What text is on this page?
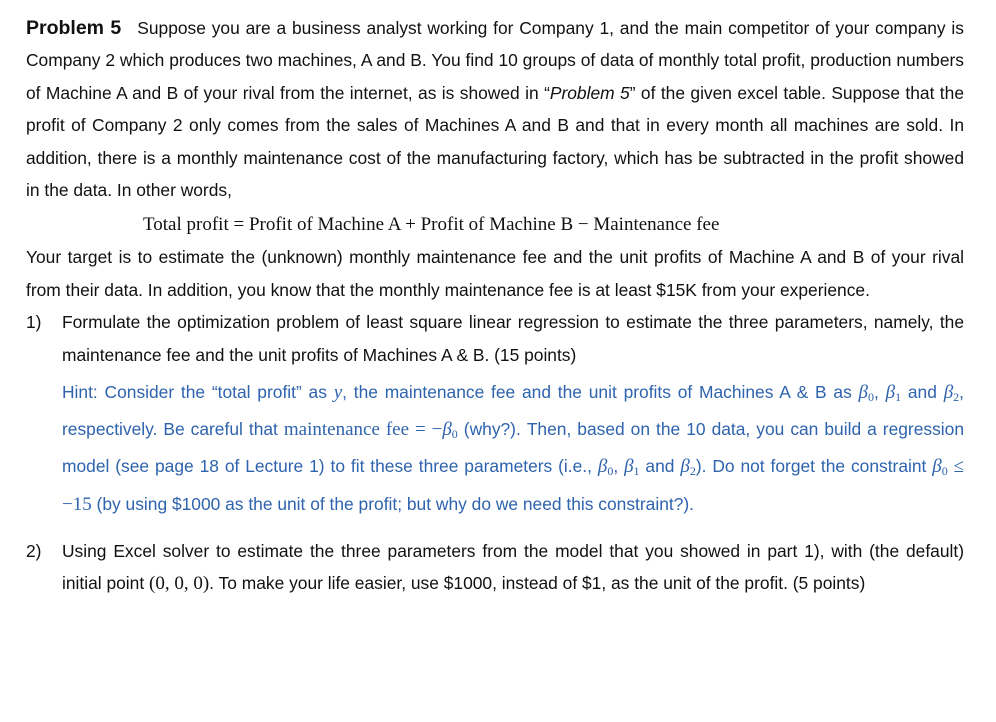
Problem 5 Suppose you are a business analyst working for Company 1, and the main competitor of your company is Company 2 which produces two machines, A and B. You find 10 groups of data of monthly total profit, production numbers of Machine A and B of your rival from the internet, as is showed in “Problem 5” of the given excel table. Suppose that the profit of Company 2 only comes from the sales of Machines A and B and that in every month all machines are sold. In addition, there is a monthly maintenance cost of the manufacturing factory, which has be subtracted in the profit showed in the data. In other words,

Total profit = Profit of Machine A + Profit of Machine B − Maintenance fee

Your target is to estimate the (unknown) monthly maintenance fee and the unit profits of Machine A and B of your rival from their data. In addition, you know that the monthly maintenance fee is at least $15K from your experience.

1) Formulate the optimization problem of least square linear regression to estimate the three parameters, namely, the maintenance fee and the unit profits of Machines A & B. (15 points)

Hint: Consider the “total profit” as y, the maintenance fee and the unit profits of Machines A & B as $\beta_0$, $\beta_1$ and $\beta_2$, respectively. Be careful that maintenance fee = $-\beta_0$ (why?). Then, based on the 10 data, you can build a regression model (see page 18 of Lecture 1) to fit these three parameters (i.e., $\beta_0$, $\beta_1$ and $\beta_2$). Do not forget the constraint $\beta_0 \le -15$ (by using $1000 as the unit of the profit; but why do we need this constraint?).

2) Using Excel solver to estimate the three parameters from the model that you showed in part 1), with (the default) initial point (0, 0, 0). To make your life easier, use $1000, instead of $1, as the unit of the profit. (5 points)
